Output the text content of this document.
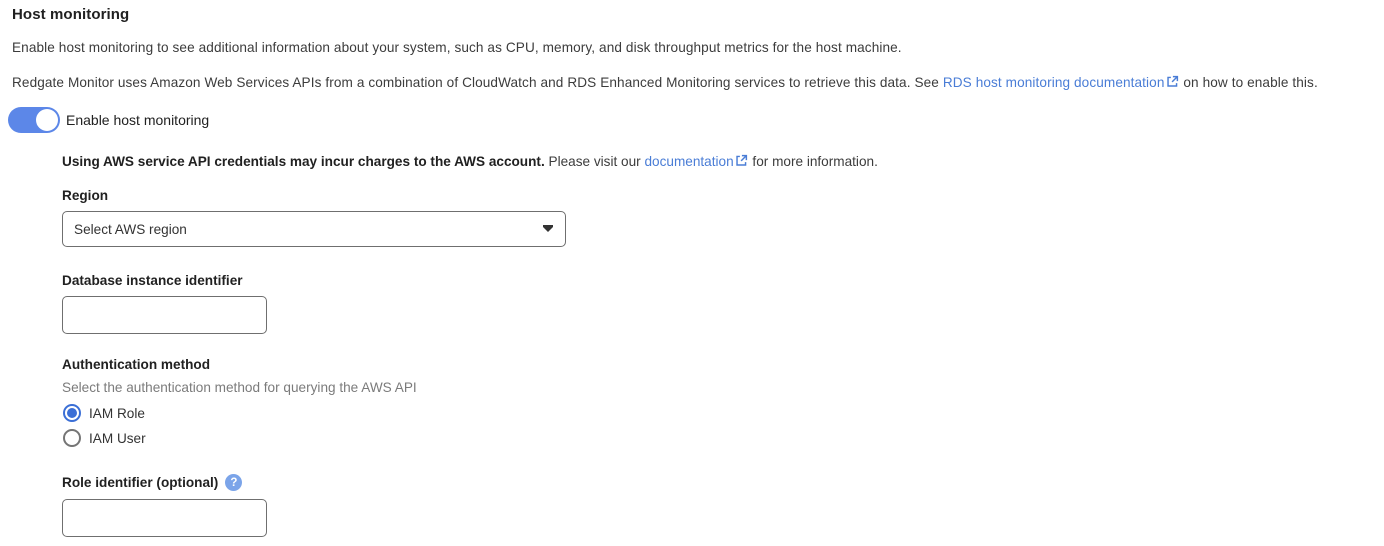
Host monitoring

Enable host monitoring to see additional information about your system, such as CPU, memory, and disk throughput metrics for the host machine.

Redgate Monitor uses Amazon Web Services APIs from a combination of CloudWatch and RDS Enhanced Monitoring services to retrieve this data. See RDS host monitoring documentation on how to enable this.

Enable host monitoring

Using AWS service API credentials may incur charges to the AWS account. Please visit our documentation for more information.

Region
Select AWS region
Database instance identifier
Authentication method
Select the authentication method for querying the AWS API
IAM Role
IAM User
Role identifier (optional)	?
